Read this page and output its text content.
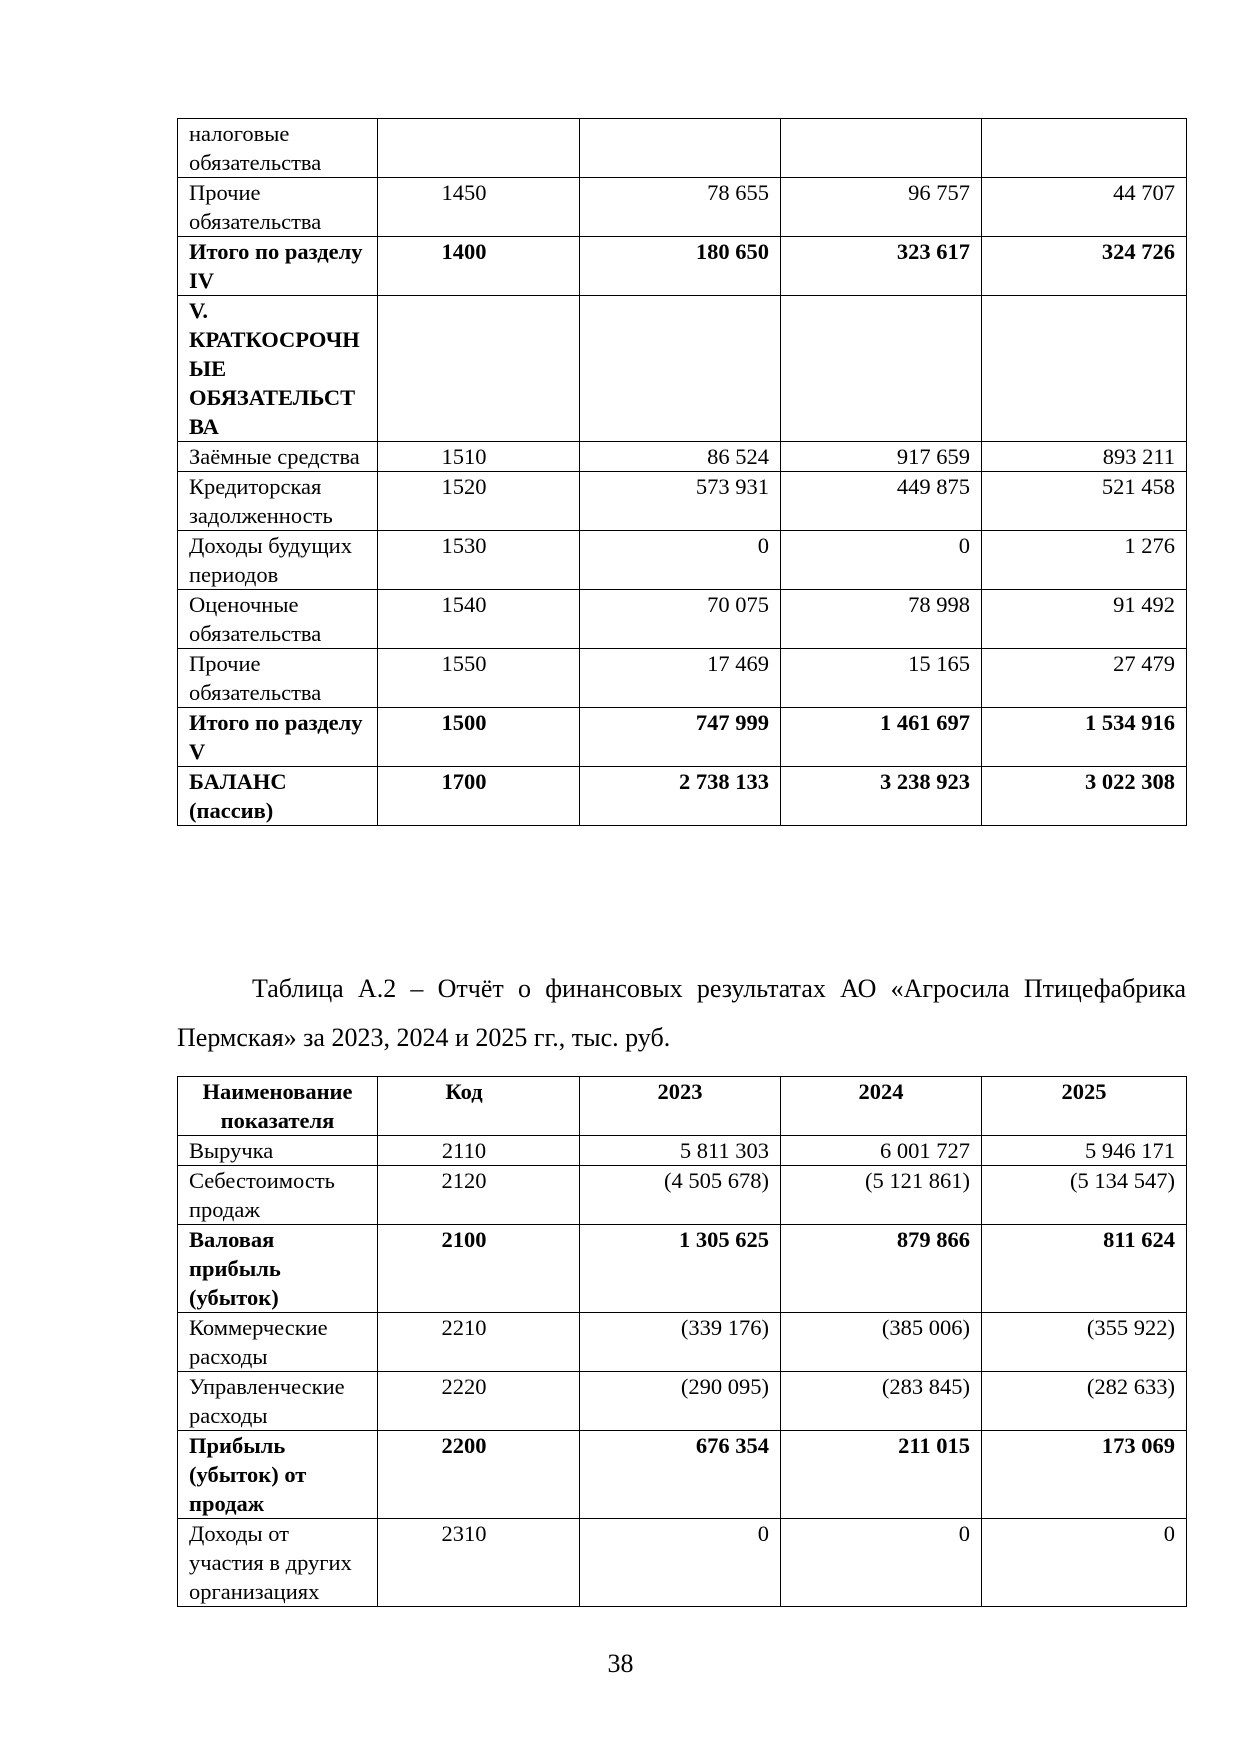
налоговые обязательства				
Прочие обязательства	1450	78 655	96 757	44 707
Итого по разделу IV	1400	180 650	323 617	324 726
V. КРАТКОСРОЧНЫЕ ОБЯЗАТЕЛЬСТВА				
Заёмные средства	1510	86 524	917 659	893 211
Кредиторская задолженность	1520	573 931	449 875	521 458
Доходы будущих периодов	1530	0	0	1 276
Оценочные обязательства	1540	70 075	78 998	91 492
Прочие обязательства	1550	17 469	15 165	27 479
Итого по разделу V	1500	747 999	1 461 697	1 534 916
БАЛАНС (пассив)	1700	2 738 133	3 238 923	3 022 308

Таблица А.2 – Отчёт о финансовых результатах АО «Агросила Птицефабрика Пермская» за 2023, 2024 и 2025 гг., тыс. руб.

Наименование показателя	Код	2023	2024	2025
Выручка	2110	5 811 303	6 001 727	5 946 171
Себестоимость продаж	2120	(4 505 678)	(5 121 861)	(5 134 547)
Валовая прибыль (убыток)	2100	1 305 625	879 866	811 624
Коммерческие расходы	2210	(339 176)	(385 006)	(355 922)
Управленческие расходы	2220	(290 095)	(283 845)	(282 633)
Прибыль (убыток) от продаж	2200	676 354	211 015	173 069
Доходы от участия в других организациях	2310	0	0	0
38
